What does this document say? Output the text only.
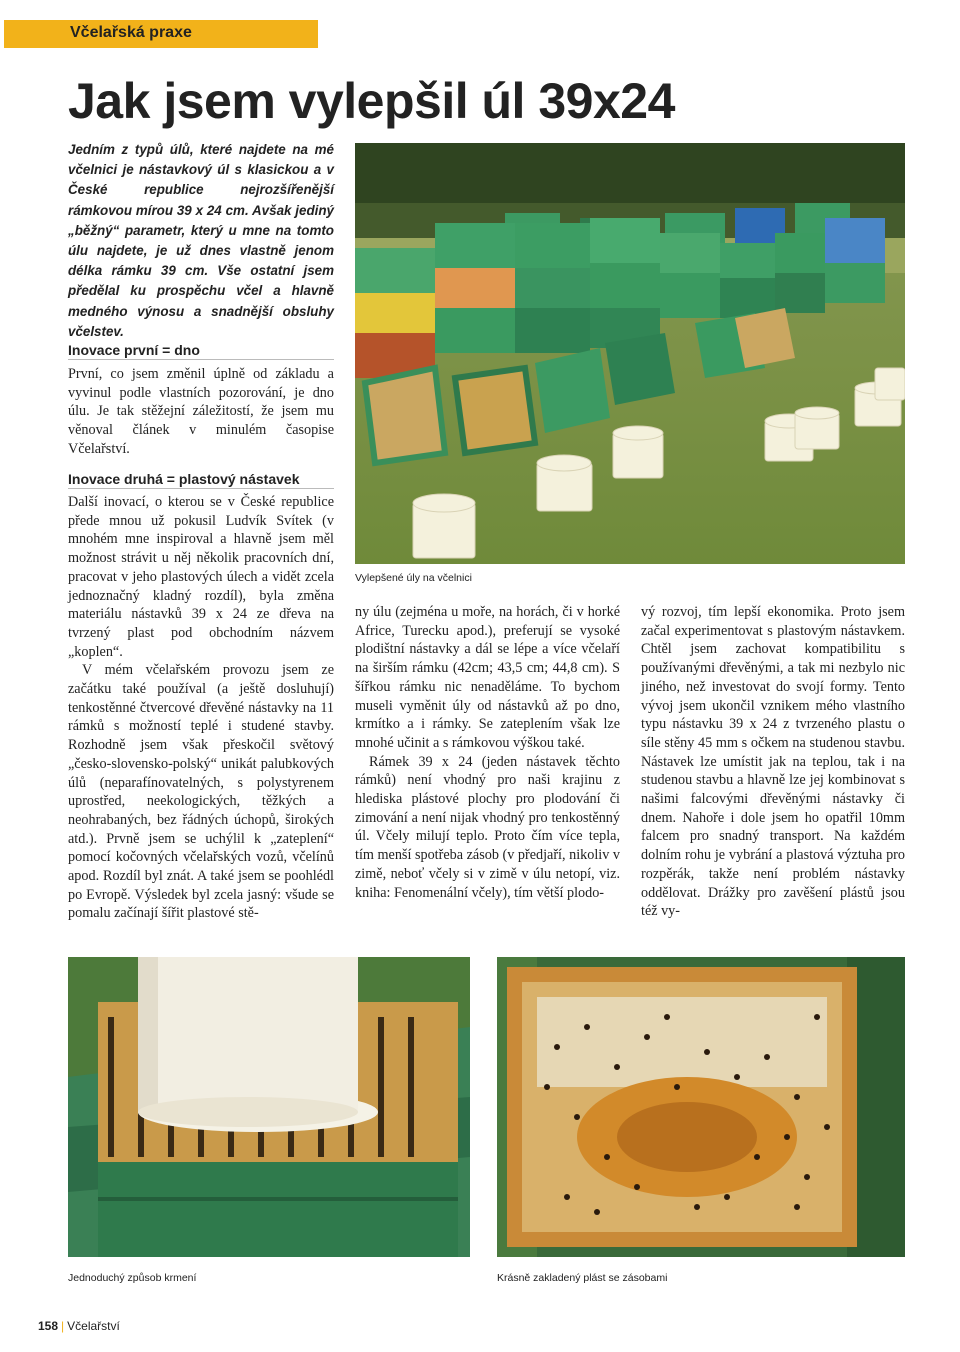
Včelařská praxe
Jak jsem vylepšil úl 39x24

Jedním z typů úlů, které najdete na mé včelnici je nástavkový úl s klasickou a v České republice nejrozšířenější rámkovou mírou 39 x 24 cm. Avšak jediný „běžný“ parametr, který u mne na tomto úlu najdete, je už dnes vlastně jenom délka rámku 39 cm. Vše ostatní jsem předělal ku prospěchu včel a hlavně medného výnosu a snadnější obsluhy včelstev.

Vylepšené úly na včelnici

Inovace první = dno

První, co jsem změnil úplně od základu a vyvinul podle vlastních pozorování, je dno úlu. Je tak stěžejní záležitostí, že jsem mu věnoval článek v minulém časopise Včelařství.

Inovace druhá = plastový nástavek

Další inovací, o kterou se v České republice přede mnou už pokusil Ludvík Svítek (v mnohém mne inspiroval a hlavně jsem měl možnost strávit u něj několik pracovních dní, pracovat v jeho plastových úlech a vidět zcela jednoznačný kladný rozdíl), byla změna materiálu nástavků 39 x 24 ze dřeva na tvrzený plast pod obchodním názvem „koplen“.

V mém včelařském provozu jsem ze začátku také používal (a ještě dosluhují) tenkostěnné čtvercové dřevěné nástavky na 11 rámků s možností teplé i studené stavby. Rozhodně jsem však přeskočil světový „česko-slovensko-polský“ unikát palubkových úlů (neparafínovatelných, s polystyrenem uprostřed, neekologických, těžkých a neohrabaných, bez řádných úchopů, širokých atd.). Prvně jsem se uchýlil k „zateplení“ pomocí kočovných včelařských vozů, včelínů apod. Rozdíl byl znát. A také jsem se poohlédl po Evropě. Výsledek byl zcela jasný: všude se pomalu začínají šířit plastové stě-

ny úlu (zejména u moře, na horách, či v horké Africe, Turecku apod.), preferují se vysoké plodištní nástavky a dál se lépe a více včelaří na širším rámku (42cm; 43,5 cm; 44,8 cm). S šířkou rámku nic nenaděláme. To bychom museli vyměnit úly od nástavků až po dno, krmítko a i rámky. Se zateplením však lze mnohé učinit a s rámkovou výškou také.

Rámek 39 x 24 (jeden nástavek těchto rámků) není vhodný pro naši krajinu z hlediska plástové plochy pro plodování či zimování a není nijak vhodný pro tenkostěnný úl. Včely milují teplo. Proto čím více tepla, tím menší spotřeba zásob (v předjaří, nikoliv v zimě, neboť včely si v zimě v úlu netopí, viz. kniha: Fenomenální včely), tím větší plodo-

vý rozvoj, tím lepší ekonomika. Proto jsem začal experimentovat s plastovým nástavkem. Chtěl jsem zachovat kompatibilitu s používanými dřevěnými, a tak mi nezbylo nic jiného, než investovat do svojí formy. Tento vývoj jsem ukončil vznikem mého vlastního typu nástavku 39 x 24 z tvrzeného plastu o síle stěny 45 mm s očkem na studenou stavbu. Nástavek lze umístit jak na teplou, tak i na studenou stavbu a hlavně lze jej kombinovat s našimi falcovými dřevěnými nástavky či dnem. Nahoře i dole jsem ho opatřil 10mm falcem pro snadný transport. Na každém dolním rohu je vybrání a plastová výztuha pro rozpěrák, takže není problém nástavky oddělovat. Drážky pro zavěšení plástů jsou též vy-

Jednoduchý způsob krmení	Krásně zakladený plást se zásobami

158 | Včelařství
